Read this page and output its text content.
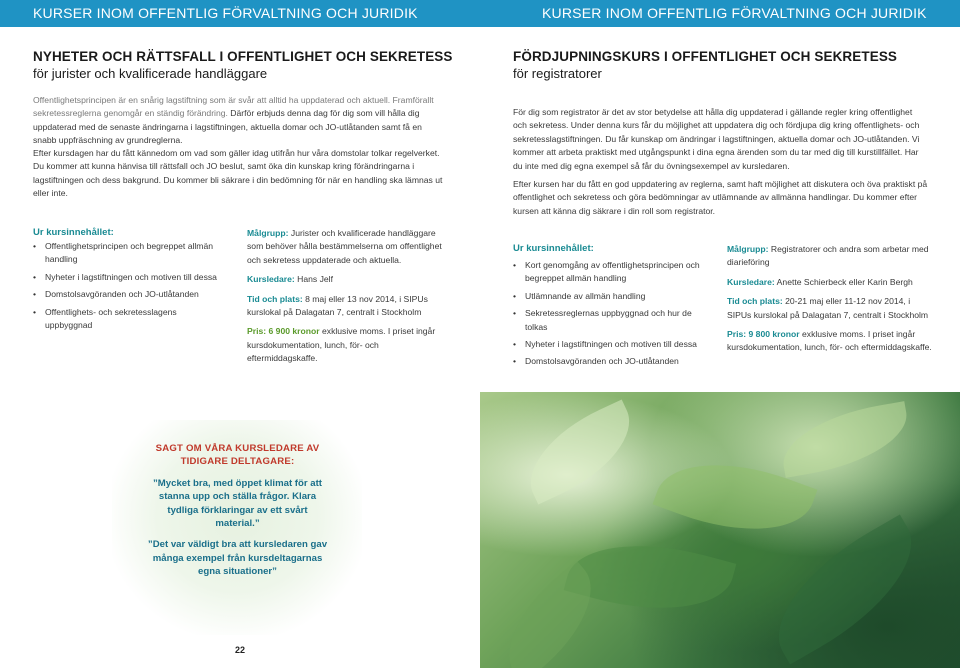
KURSER INOM OFFENTLIG FÖRVALTNING OCH JURIDIK
NYHETER OCH RÄTTSFALL I OFFENTLIGHET OCH SEKRETESS
för jurister och kvalificerade handläggare
Offentlighetsprincipen är en snårig lagstiftning som är svår att alltid ha uppdaterad och aktuell. Framförallt sekretessreglerna genomgår en ständig förändring. Därför erbjuds denna dag för dig som vill hålla dig uppdaterad med de senaste ändringarna i lagstiftningen, aktuella domar och JO-utlåtanden samt få en snabb uppfräschning av grundreglerna.
Efter kursdagen har du fått kännedom om vad som gäller idag utifrån hur våra domstolar tolkar regelverket. Du kommer att kunna hänvisa till rättsfall och JO beslut, samt öka din kunskap kring förändringarna i lagstiftningen och dess bakgrund. Du kommer bli säkrare i din bedömning för när en handling ska lämnas ut eller inte.
Ur kursinnehållet:
• Offentlighetsprincipen och begreppet allmän handling
• Nyheter i lagstiftningen och motiven till dessa
• Domstolsavgöranden och JO-utlåtanden
• Offentlighets- och sekretesslagens uppbyggnad

Målgrupp: Jurister och kvalificerade handläggare som behöver hålla bestämmelserna om offentlighet och sekretess uppdaterade och aktuella.

Kursledare: Hans Jelf

Tid och plats: 8 maj eller 13 nov 2014, i SIPUs kurslokal på Dalagatan 7, centralt i Stockholm

Pris: 6 900 kronor exklusive moms. I priset ingår kursdokumentation, lunch, för- och eftermiddagskaffe.

SAGT OM VÅRA KURSLEDARE AV TIDIGARE DELTAGARE:

”Mycket bra, med öppet klimat för att stanna upp och ställa frågor. Klara tydliga förklaringar av ett svårt material.”

”Det var väldigt bra att kursledaren gav många exempel från kursdeltagarnas egna situationer”

22
KURSER INOM OFFENTLIG FÖRVALTNING OCH JURIDIK
FÖRDJUPNINGSKURS I OFFENTLIGHET OCH SEKRETESS
för registratorer
För dig som registrator är det av stor betydelse att hålla dig uppdaterad i gällande regler kring offentlighet och sekretess. Under denna kurs får du möjlighet att uppdatera dig och fördjupa dig kring offentlighets- och sekretesslagstiftningen. Du får kunskap om ändringar i lagstiftningen, aktuella domar och JO-utlåtanden. Vi kommer att arbeta praktiskt med utgångspunkt i dina egna ärenden som du tar med dig till kurstillfället. Har du inte med dig egna exempel så får du övningsexempel av kursledaren.
Efter kursen har du fått en god uppdatering av reglerna, samt haft möjlighet att diskutera och öva praktiskt på offentlighet och sekretess och göra bedömningar av utlämnande av allmänna handlingar. Du kommer efter kursen att känna dig säkrare i din roll som registrator.
Ur kursinnehållet:
• Kort genomgång av offentlighetsprincipen och begreppet allmän handling
• Utlämnande av allmän handling
• Sekretessreglernas uppbyggnad och hur de tolkas
• Nyheter i lagstiftningen och motiven till dessa
• Domstolsavgöranden och JO-utlåtanden

Målgrupp: Registratorer och andra som arbetar med diarieföring

Kursledare: Anette Schierbeck eller Karin Bergh

Tid och plats: 20-21 maj eller 11-12 nov 2014, i SIPUs kurslokal på Dalagatan 7, centralt i Stockholm

Pris: 9 800 kronor exklusive moms. I priset ingår kursdokumentation, lunch, för- och eftermiddagskaffe.
